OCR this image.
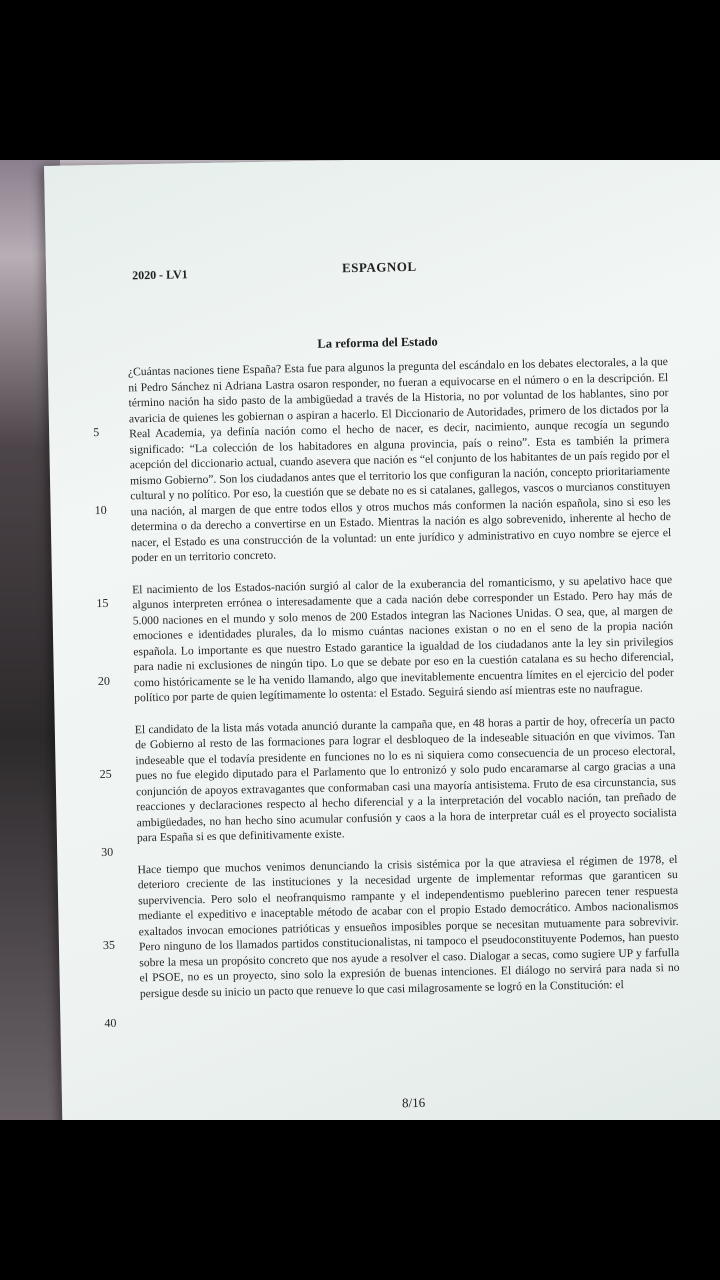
2020 - LV1	ESPAGNOL
La reforma del Estado
5
10
15
20
25
30
35
40

¿Cuántas naciones tiene España? Esta fue para algunos la pregunta del escándalo en los debates electorales, a la que ni Pedro Sánchez ni Adriana Lastra osaron responder, no fueran a equivocarse en el número o en la descripción. El término nación ha sido pasto de la ambigüedad a través de la Historia, no por voluntad de los hablantes, sino por avaricia de quienes les gobiernan o aspiran a hacerlo. El Diccionario de Autoridades, primero de los dictados por la Real Academia, ya definía nación como el hecho de nacer, es decir, nacimiento, aunque recogía un segundo significado: “La colección de los habitadores en alguna provincia, país o reino”. Esta es también la primera acepción del diccionario actual, cuando asevera que nación es “el conjunto de los habitantes de un país regido por el mismo Gobierno”. Son los ciudadanos antes que el territorio los que configuran la nación, concepto prioritariamente cultural y no político. Por eso, la cuestión que se debate no es si catalanes, gallegos, vascos o murcianos constituyen una nación, al margen de que entre todos ellos y otros muchos más conformen la nación española, sino si eso les determina o da derecho a convertirse en un Estado. Mientras la nación es algo sobrevenido, inherente al hecho de nacer, el Estado es una construcción de la voluntad: un ente jurídico y administrativo en cuyo nombre se ejerce el poder en un territorio concreto.

El nacimiento de los Estados-nación surgió al calor de la exuberancia del romanticismo, y su apelativo hace que algunos interpreten errónea o interesadamente que a cada nación debe corresponder un Estado. Pero hay más de 5.000 naciones en el mundo y solo menos de 200 Estados integran las Naciones Unidas. O sea, que, al margen de emociones e identidades plurales, da lo mismo cuántas naciones existan o no en el seno de la propia nación española. Lo importante es que nuestro Estado garantice la igualdad de los ciudadanos ante la ley sin privilegios para nadie ni exclusiones de ningún tipo. Lo que se debate por eso en la cuestión catalana es su hecho diferencial, como históricamente se le ha venido llamando, algo que inevitablemente encuentra límites en el ejercicio del poder político por parte de quien legítimamente lo ostenta: el Estado. Seguirá siendo así mientras este no naufrague.

El candidato de la lista más votada anunció durante la campaña que, en 48 horas a partir de hoy, ofrecería un pacto de Gobierno al resto de las formaciones para lograr el desbloqueo de la indeseable situación en que vivimos. Tan indeseable que el todavía presidente en funciones no lo es ni siquiera como consecuencia de un proceso electoral, pues no fue elegido diputado para el Parlamento que lo entronizó y solo pudo encaramarse al cargo gracias a una conjunción de apoyos extravagantes que conformaban casi una mayoría antisistema. Fruto de esa circunstancia, sus reacciones y declaraciones respecto al hecho diferencial y a la interpretación del vocablo nación, tan preñado de ambigüedades, no han hecho sino acumular confusión y caos a la hora de interpretar cuál es el proyecto socialista para España si es que definitivamente existe.

Hace tiempo que muchos venimos denunciando la crisis sistémica por la que atraviesa el régimen de 1978, el deterioro creciente de las instituciones y la necesidad urgente de implementar reformas que garanticen su supervivencia. Pero solo el neofranquismo rampante y el independentismo pueblerino parecen tener respuesta mediante el expeditivo e inaceptable método de acabar con el propio Estado democrático. Ambos nacionalismos exaltados invocan emociones patrióticas y ensueños imposibles porque se necesitan mutuamente para sobrevivir. Pero ninguno de los llamados partidos constitucionalistas, ni tampoco el pseudoconstituyente Podemos, han puesto sobre la mesa un propósito concreto que nos ayude a resolver el caso. Dialogar a secas, como sugiere UP y farfulla el PSOE, no es un proyecto, sino solo la expresión de buenas intenciones. El diálogo no servirá para nada si no persigue desde su inicio un pacto que renueve lo que casi milagrosamente se logró en la Constitución: el

8/16
